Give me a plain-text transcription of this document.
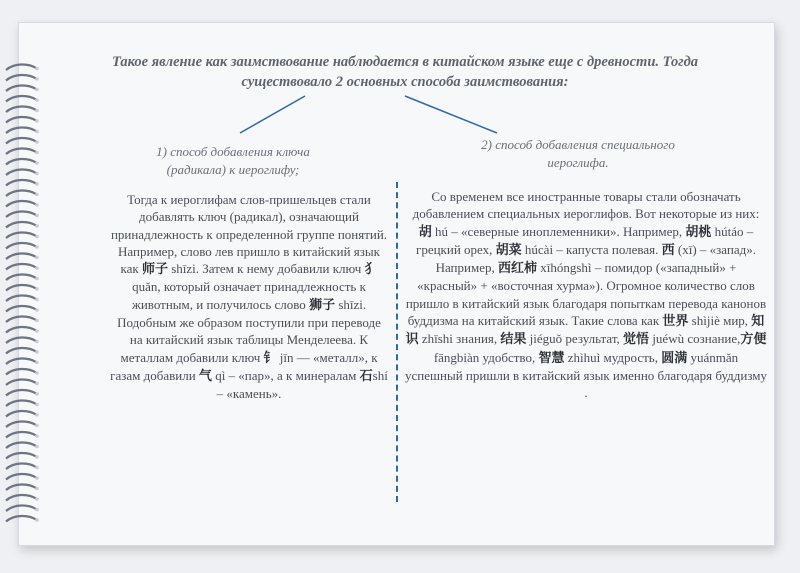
Такое явление как заимствование наблюдается в китайском языке еще с древности. Тогда существовало 2 основных способа заимствования:
1) способ добавления ключа (радикала) к иероглифу;
2) способ добавления специального иероглифа.
Тогда к иероглифам слов-пришельцев стали добавлять ключ (радикал), означающий принадлежность к определенной группе понятий. Например, слово лев пришло в китайский язык как 师子 shīzi. Затем к нему добавили ключ 犭 quǎn, который означает принадлежность к животным, и получилось слово 狮子 shīzi. Подобным же образом поступили при переводе на китайский язык таблицы Менделеева. К металлам добавили ключ 钅 jīn — «металл», к газам добавили 气 qì – «пар», а к минералам 石shí – «камень».
Со временем все иностранные товары стали обозначать добавлением специальных иероглифов. Вот некоторые из них: 胡 hú – «северные иноплеменники». Например, 胡桃 hútáo – грецкий орех, 胡菜 húcài – капуста полевая. 西 (xī) – «запад». Например, 西红柿 xīhóngshì – помидор («западный» + «красный» + «восточная хурма»). Огромное количество слов пришло в китайский язык благодаря попыткам перевода канонов буддизма на китайский язык. Такие слова как 世界 shìjiè мир, 知识 zhīshi знания, 结果 jiéguǒ результат, 觉悟 juéwù сознание,方便 fāngbiàn удобство, 智慧 zhìhuì мудрость, 圆满 yuánmǎn успешный пришли в китайский язык именно благодаря буддизму .
